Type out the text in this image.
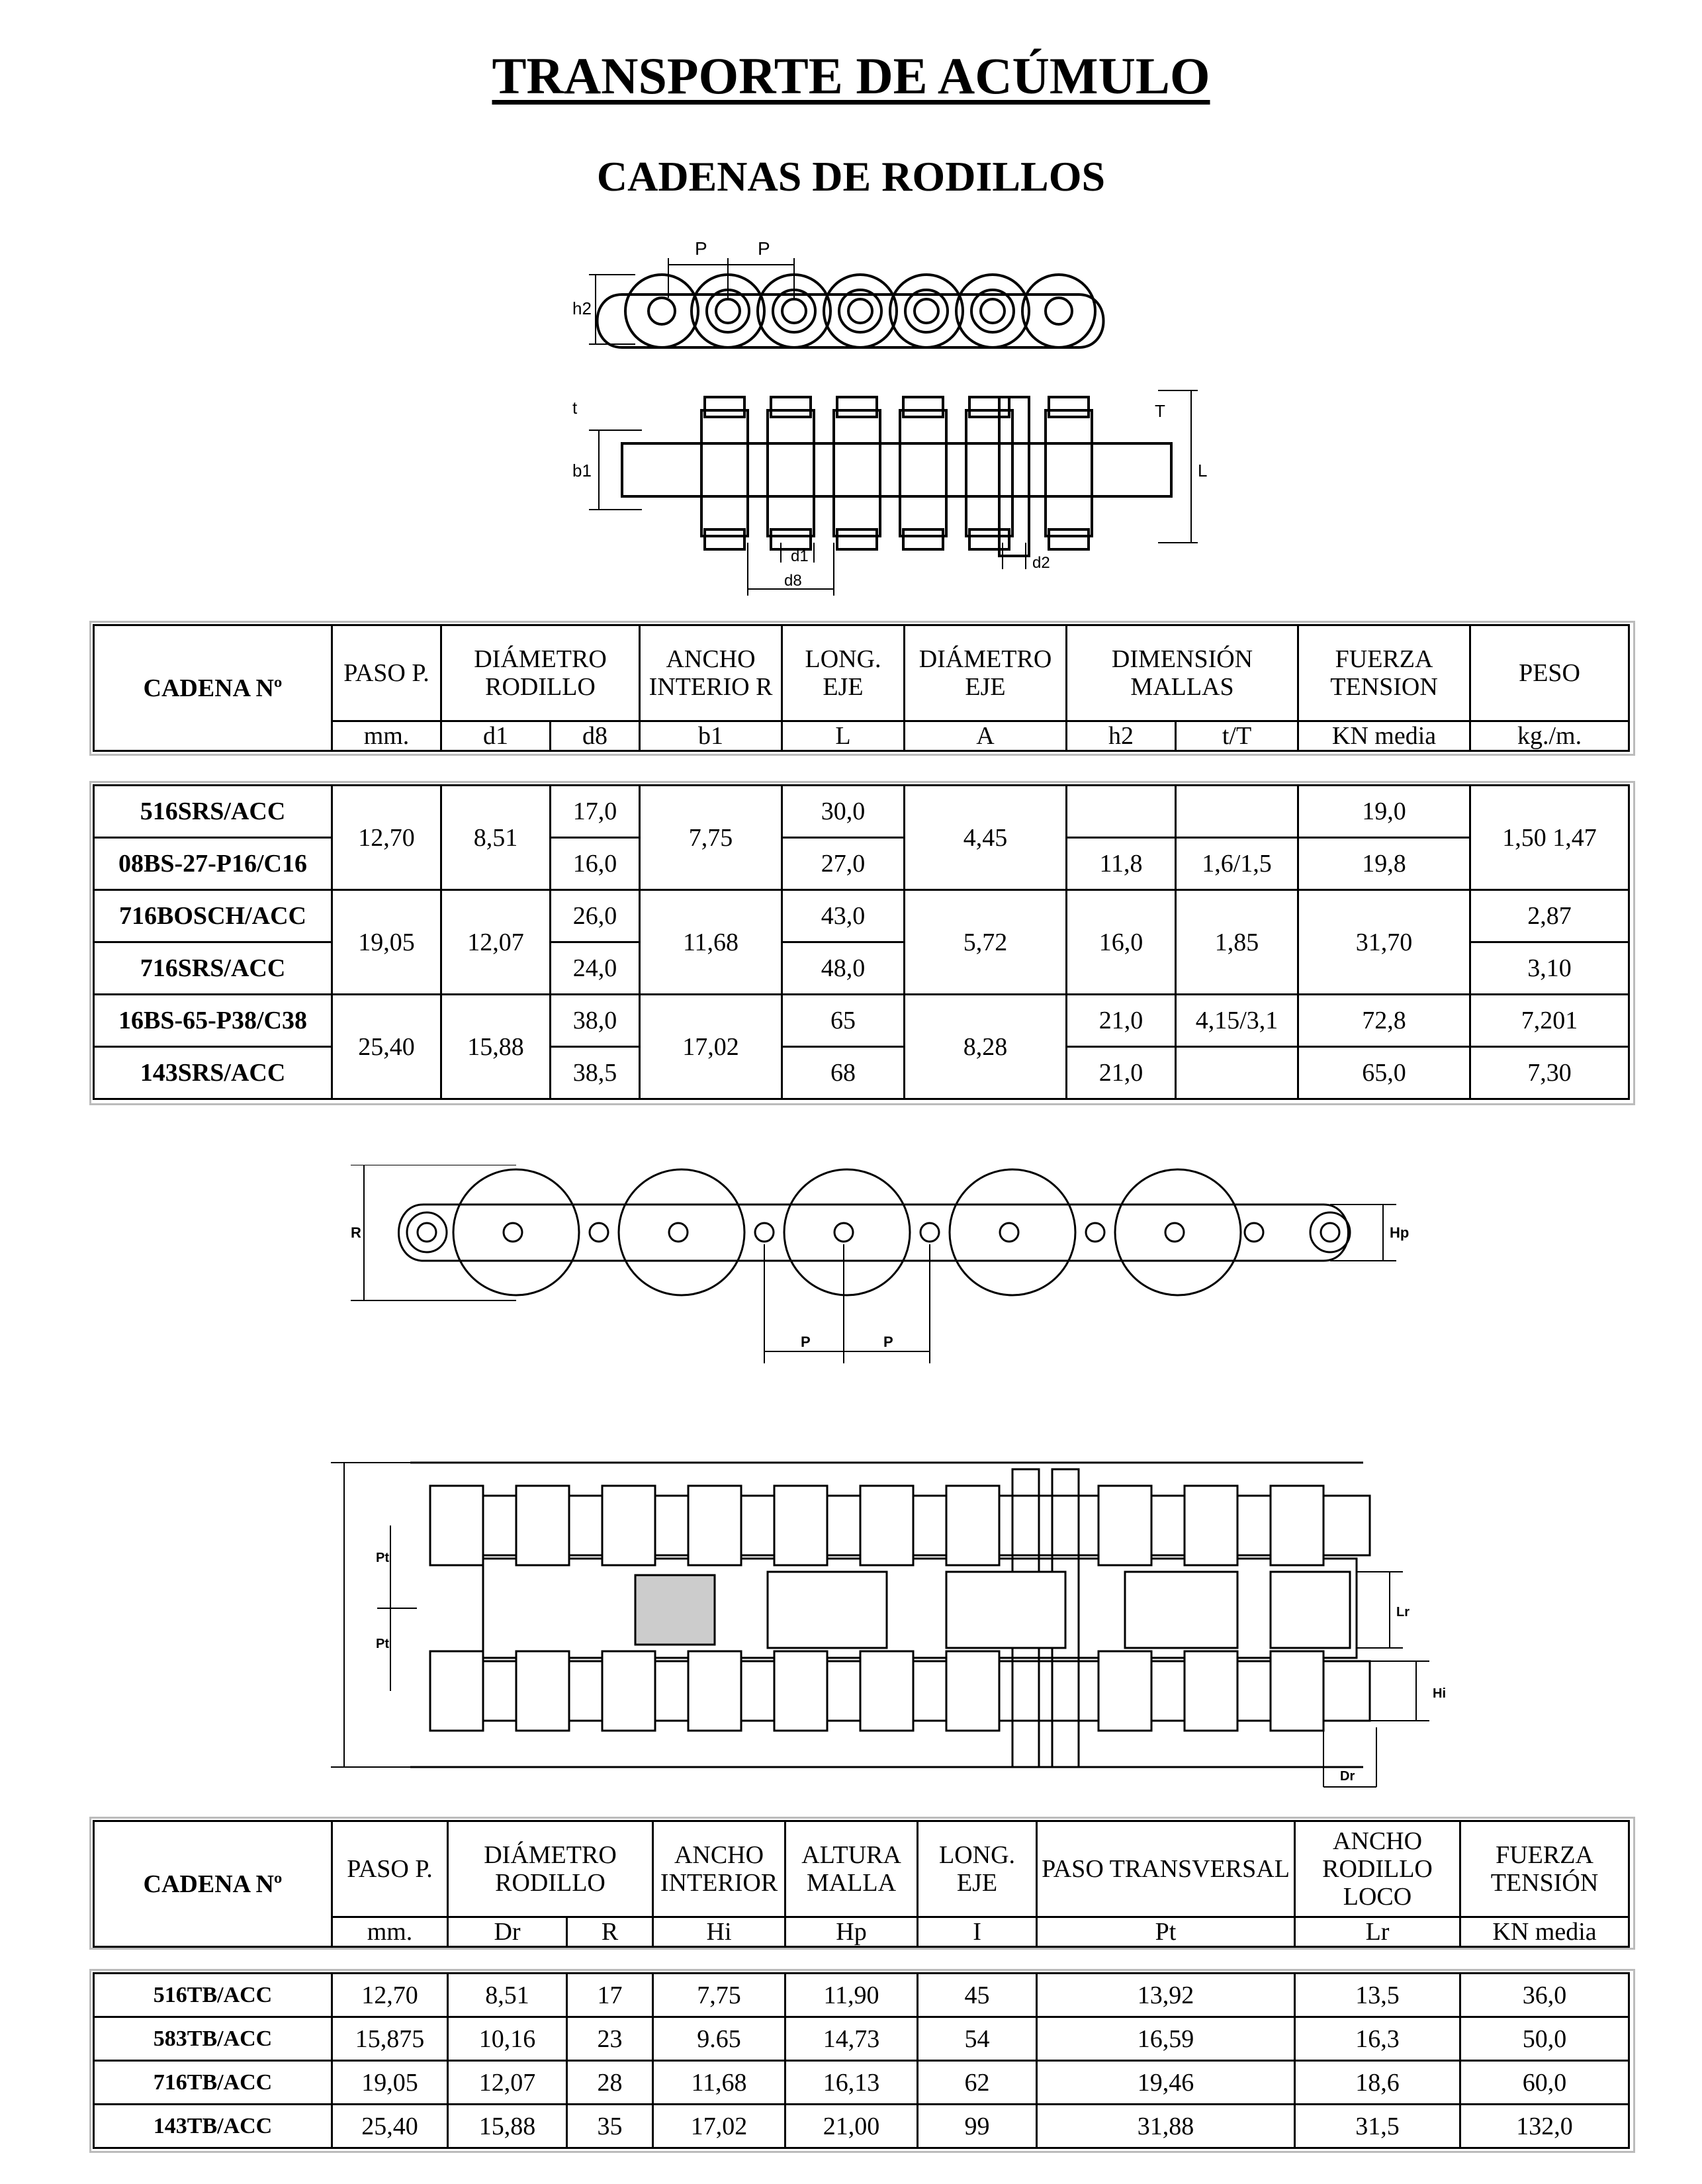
TRANSPORTE DE ACÚMULO
CADENAS DE RODILLOS
P	P
h2
t
b1
T
L
d1
d8
d2
CADENA Nº	PASO P.	DIÁMETRO RODILLO		ANCHO INTERIO R	LONG. EJE	DIÁMETRO EJE	DIMENSIÓN MALLAS		FUERZA TENSION	PESO
	mm.	d1	d8	b1	L	A	h2	t/T	KN media	kg./m.
516SRS/ACC	12,70	8,51	17,0	7,75	30,0	4,45			19,0	1,50 1,47
08BS-27-P16/C16			16,0		27,0		11,8	1,6/1,5	19,8	
716BOSCH/ACC	19,05	12,07	26,0	11,68	43,0	5,72	16,0	1,85	31,70	2,87
716SRS/ACC			24,0		48,0					3,10
16BS-65-P38/C38	25,40	15,88	38,0	17,02	65	8,28	21,0	4,15/3,1	72,8	7,201
143SRS/ACC			38,5		68		21,0		65,0	7,30
P	P
R	Hp
Pt
Pt
Lr
Hi
Dr
CADENA Nº	PASO P.	DIÁMETRO RODILLO		ANCHO INTERIOR	ALTURA MALLA	LONG. EJE	PASO TRANSVERSAL	ANCHO RODILLO LOCO	FUERZA TENSIÓN
	mm.	Dr	R	Hi	Hp	I	Pt	Lr	KN media
516TB/ACC	12,70	8,51	17	7,75	11,90	45	13,92	13,5	36,0
583TB/ACC	15,875	10,16	23	9.65	14,73	54	16,59	16,3	50,0
716TB/ACC	19,05	12,07	28	11,68	16,13	62	19,46	18,6	60,0
143TB/ACC	25,40	15,88	35	17,02	21,00	99	31,88	31,5	132,0
